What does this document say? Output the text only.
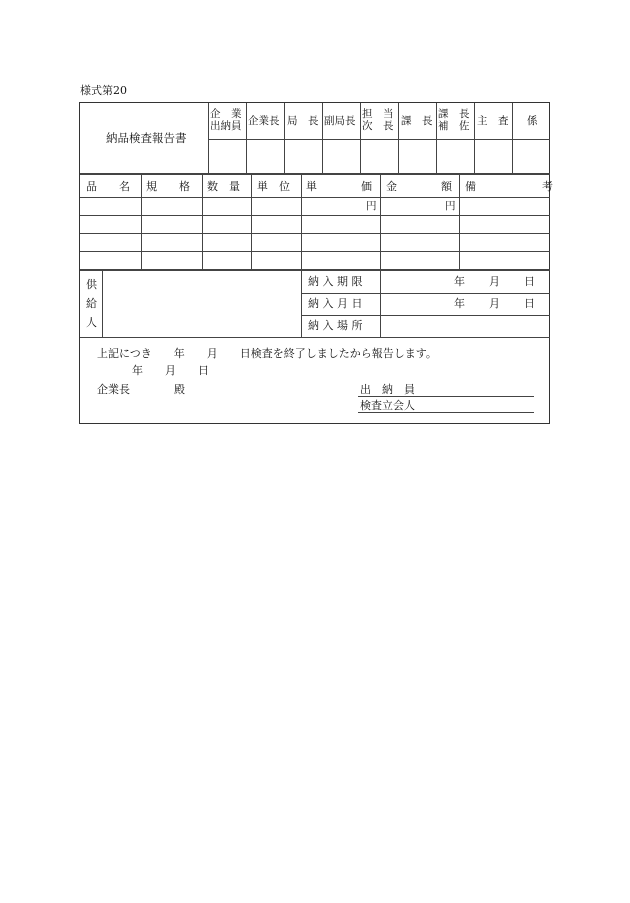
様式第20
納品検査報告書
企　業
出納員 企業長 局　長 副局長
担　当
次　長 課　長
課　長
補　佐 主　査 係
品　　名 規　　格 数　量 単　位 単　　　　価 金　　　　額 備　　　　　　考
円	円
供
給
人
納 入 期 限
納 入 月 日
納 入 場 所
年 月 日
年 月 日
上記につき　　年　　月　　日検査を終了しましたから報告します。
年　　月　　日
企業長　　　　殿	出　納　員
検査立会人
